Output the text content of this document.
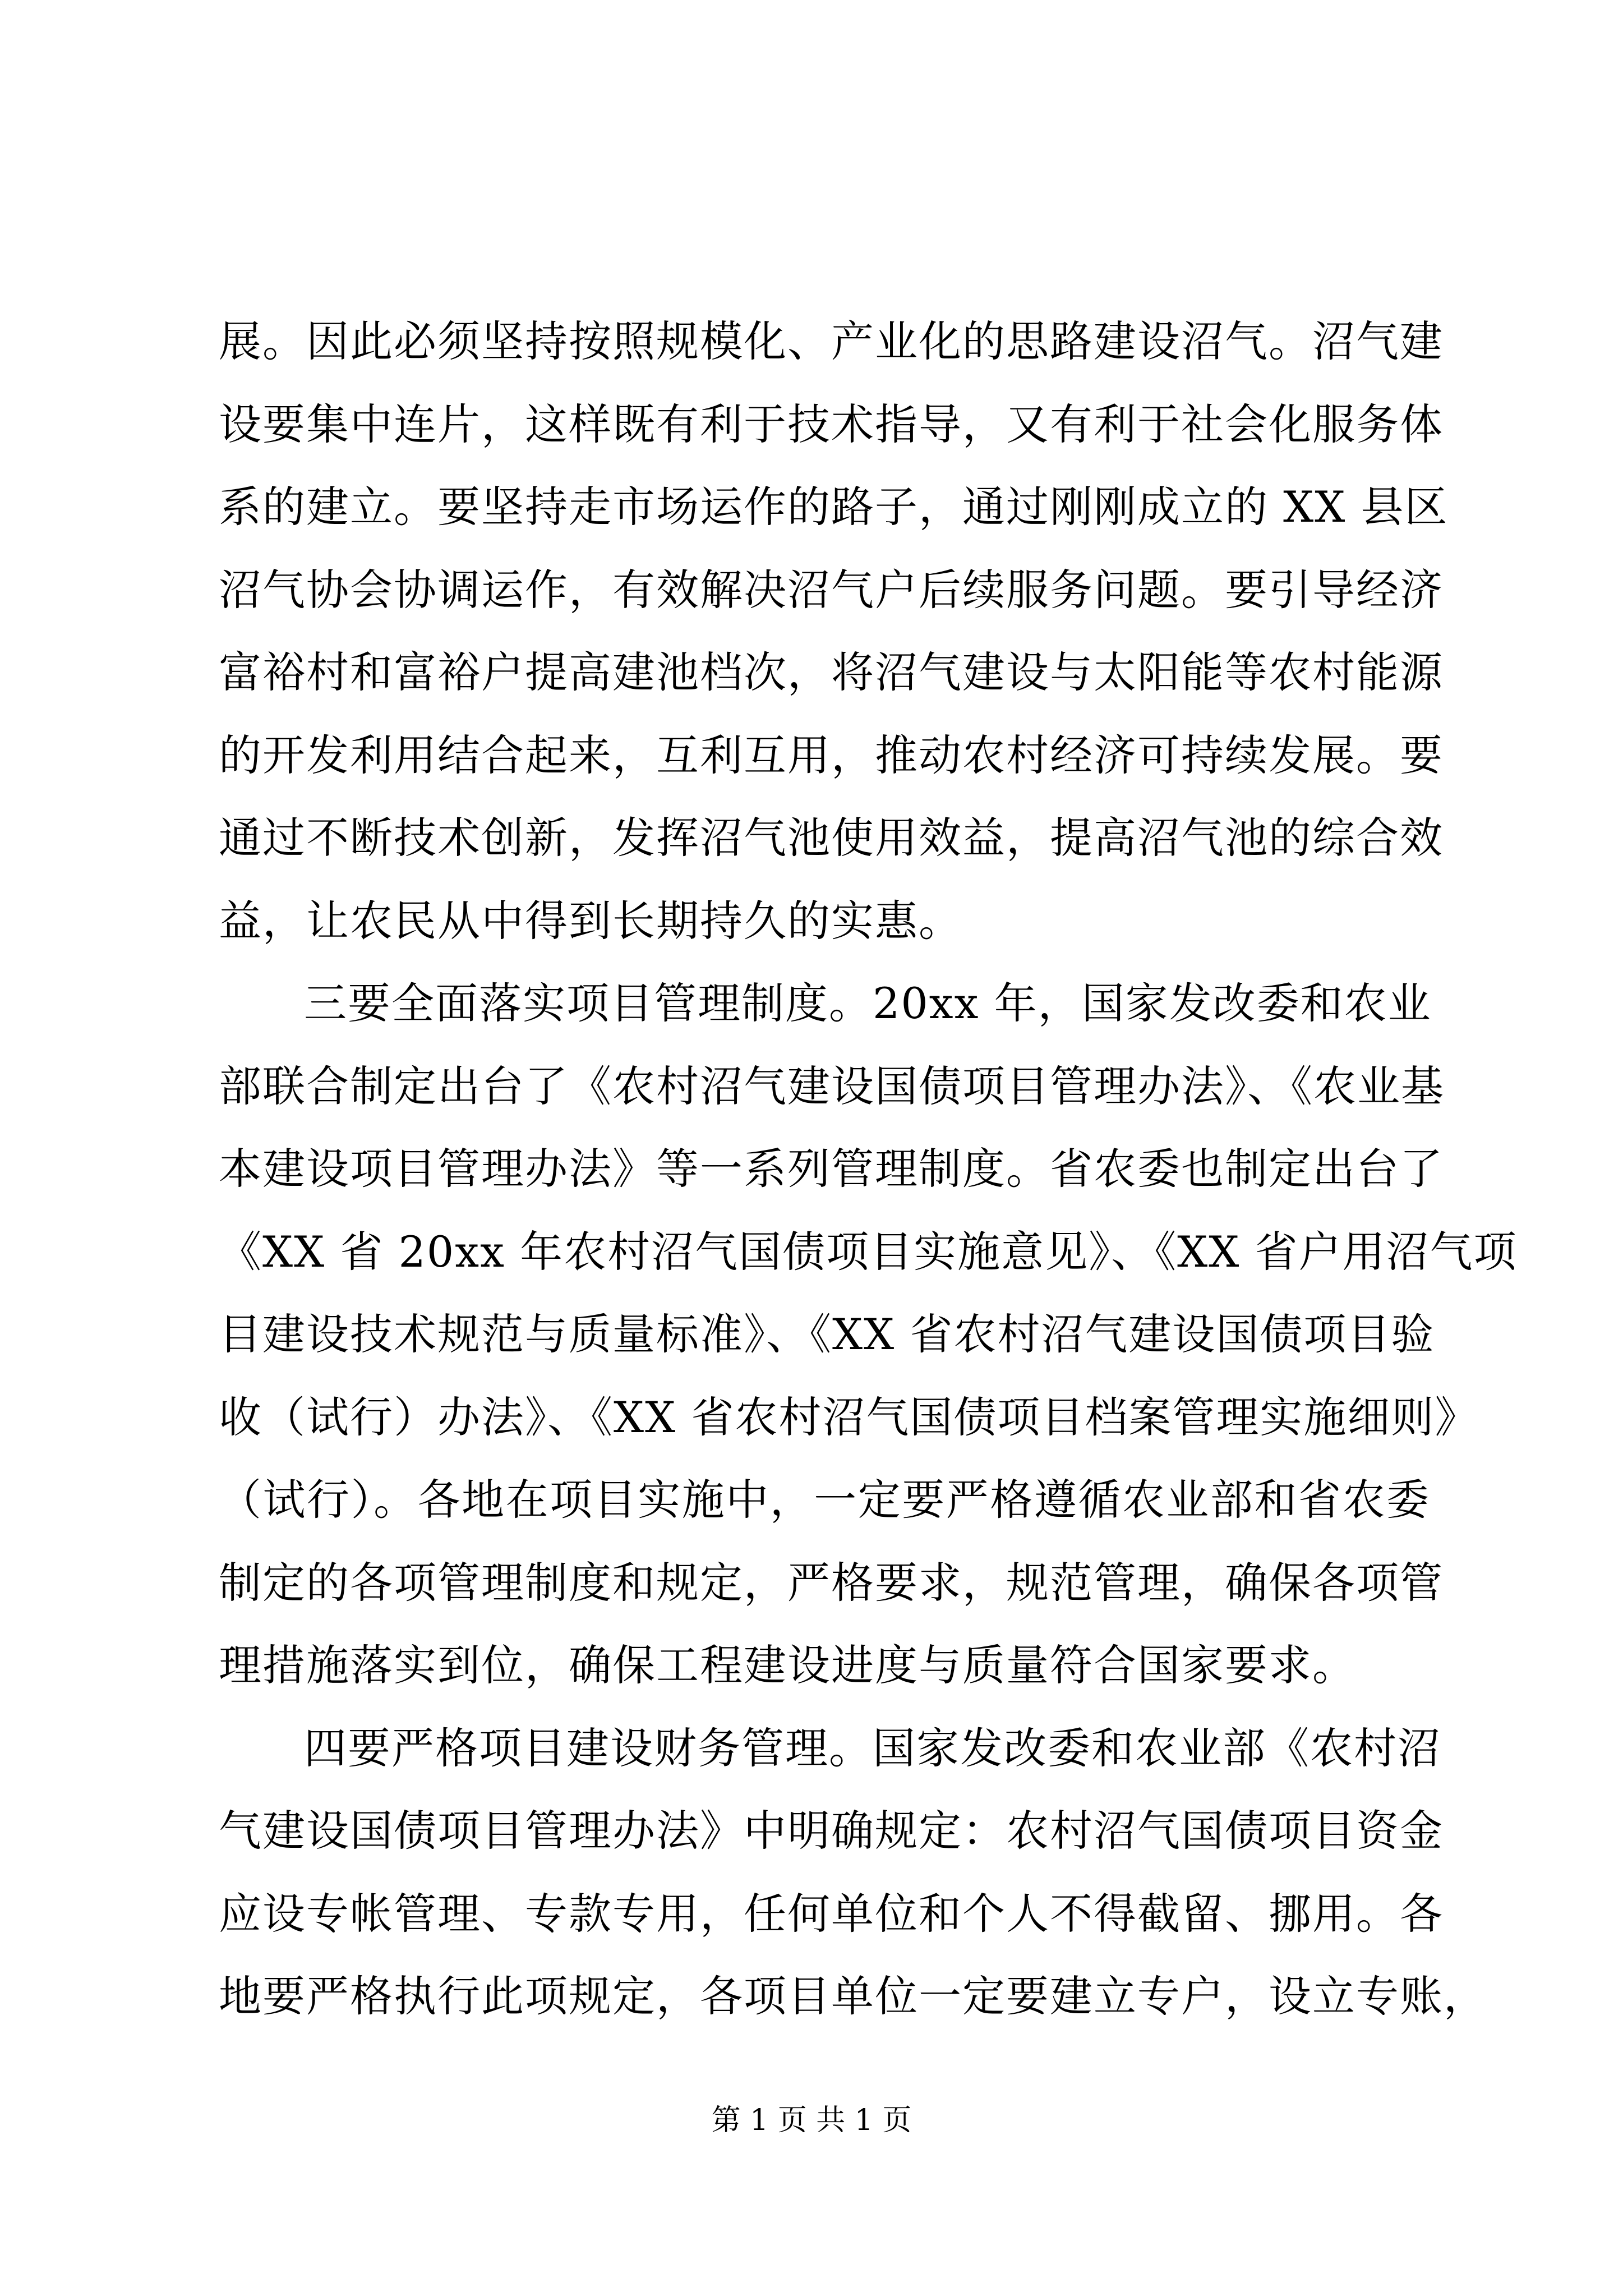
展。因此必须坚持按照规模化、产业化的思路建设沼气。沼气建
设要集中连片，这样既有利于技术指导，又有利于社会化服务体
系的建立。要坚持走市场运作的路子，通过刚刚成立的 XX 县区
沼气协会协调运作，有效解决沼气户后续服务问题。要引导经济
富裕村和富裕户提高建池档次，将沼气建设与太阳能等农村能源
的开发利用结合起来，互利互用，推动农村经济可持续发展。要
通过不断技术创新，发挥沼气池使用效益，提高沼气池的综合效
益，让农民从中得到长期持久的实惠。
三要全面落实项目管理制度。20xx 年，国家发改委和农业
部联合制定出台了《农村沼气建设国债项目管理办法》、《农业基
本建设项目管理办法》等一系列管理制度。省农委也制定出台了
《XX 省 20xx 年农村沼气国债项目实施意见》、《XX 省户用沼气项
目建设技术规范与质量标准》、《XX 省农村沼气建设国债项目验
收（试行）办法》、《XX 省农村沼气国债项目档案管理实施细则》
（试行）。各地在项目实施中，一定要严格遵循农业部和省农委
制定的各项管理制度和规定，严格要求，规范管理，确保各项管
理措施落实到位，确保工程建设进度与质量符合国家要求。
四要严格项目建设财务管理。国家发改委和农业部《农村沼
气建设国债项目管理办法》中明确规定：农村沼气国债项目资金
应设专帐管理、专款专用，任何单位和个人不得截留、挪用。各
地要严格执行此项规定，各项目单位一定要建立专户，设立专账，
第 1 页 共 1 页
